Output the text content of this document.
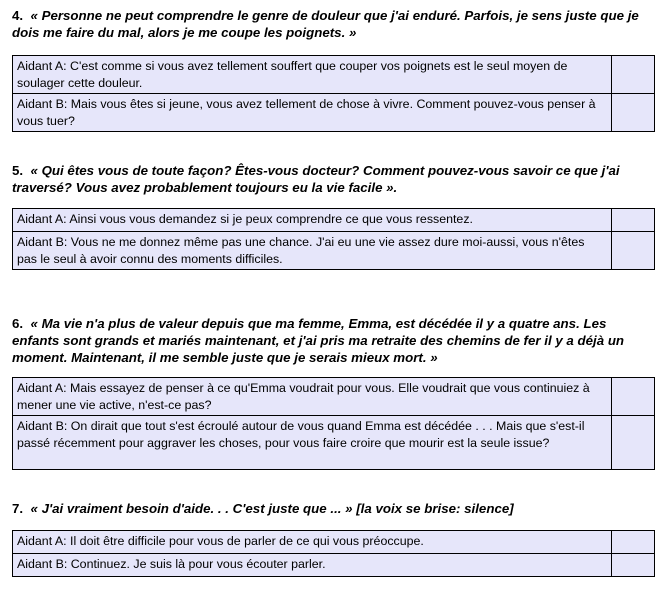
4. « Personne ne peut comprendre le genre de douleur que j'ai enduré. Parfois, je sens juste que je dois me faire du mal, alors je me coupe les poignets. »
Aidant A: C'est comme si vous avez tellement souffert que couper vos poignets est le seul moyen de soulager cette douleur.
Aidant B: Mais vous êtes si jeune, vous avez tellement de chose à vivre. Comment pouvez-vous penser à vous tuer?
5. « Qui êtes vous de toute façon? Êtes-vous docteur? Comment pouvez-vous savoir ce que j'ai traversé? Vous avez probablement toujours eu la vie facile ».
Aidant A: Ainsi vous vous demandez si je peux comprendre ce que vous ressentez.
Aidant B: Vous ne me donnez même pas une chance. J'ai eu une vie assez dure moi-aussi, vous n'êtes pas le seul à avoir connu des moments difficiles.
6. « Ma vie n'a plus de valeur depuis que ma femme, Emma, est décédée il y a quatre ans. Les enfants sont grands et mariés maintenant, et j'ai pris ma retraite des chemins de fer il y a déjà un moment. Maintenant, il me semble juste que je serais mieux mort. »
Aidant A: Mais essayez de penser à ce qu'Emma voudrait pour vous. Elle voudrait que vous continuiez à mener une vie active, n'est-ce pas?
Aidant B: On dirait que tout s'est écroulé autour de vous quand Emma est décédée . . . Mais que s'est-il passé récemment pour aggraver les choses, pour vous faire croire que mourir est la seule issue?
7. « J'ai vraiment besoin d'aide. . . C'est juste que ... » [la voix se brise: silence]
Aidant A: Il doit être difficile pour vous de parler de ce qui vous préoccupe.
Aidant B: Continuez. Je suis là pour vous écouter parler.
